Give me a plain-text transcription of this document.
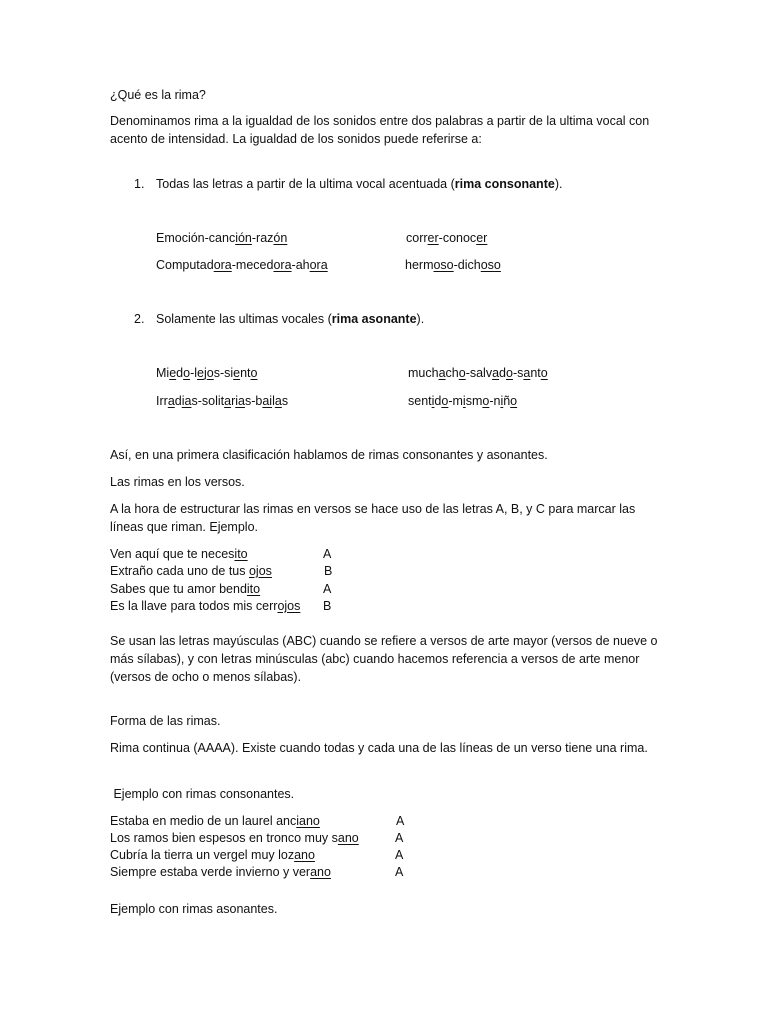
¿Qué es la rima?
Denominamos rima a la igualdad de los sonidos entre dos palabras a partir de la ultima vocal con acento de intensidad. La igualdad de los sonidos puede referirse a:
1. Todas las letras a partir de la ultima vocal acentuada (rima consonante).
Emoción-canción-razón	correr-conocer
Computadora-mecedora-ahora	hermoso-dichoso
2. Solamente las ultimas vocales (rima asonante).
Miedo-lejos-siento	muchacho-salvado-santo
Irradias-solitarias-bailas	sentido-mismo-niño
Así, en una primera clasificación hablamos de rimas consonantes y asonantes.
Las rimas en los versos.
A la hora de estructurar las rimas en versos se hace uso de las letras A, B, y C para marcar las líneas que riman. Ejemplo.
Ven aquí que te necesito	A
Extraño cada uno de tus ojos	B
Sabes que tu amor bendito	A
Es la llave para todos mis cerrojos B
Se usan las letras mayúsculas (ABC) cuando se refiere a versos de arte mayor (versos de nueve o más sílabas), y con letras minúsculas (abc) cuando hacemos referencia a versos de arte menor (versos de ocho o menos sílabas).
Forma de las rimas.
Rima continua (AAAA). Existe cuando todas y cada una de las líneas de un verso tiene una rima.
Ejemplo con rimas consonantes.
Estaba en medio de un laurel anciano	A
Los ramos bien espesos en tronco muy sano	A
Cubría la tierra un vergel muy lozano	A
Siempre estaba verde invierno y verano	A
Ejemplo con rimas asonantes.
